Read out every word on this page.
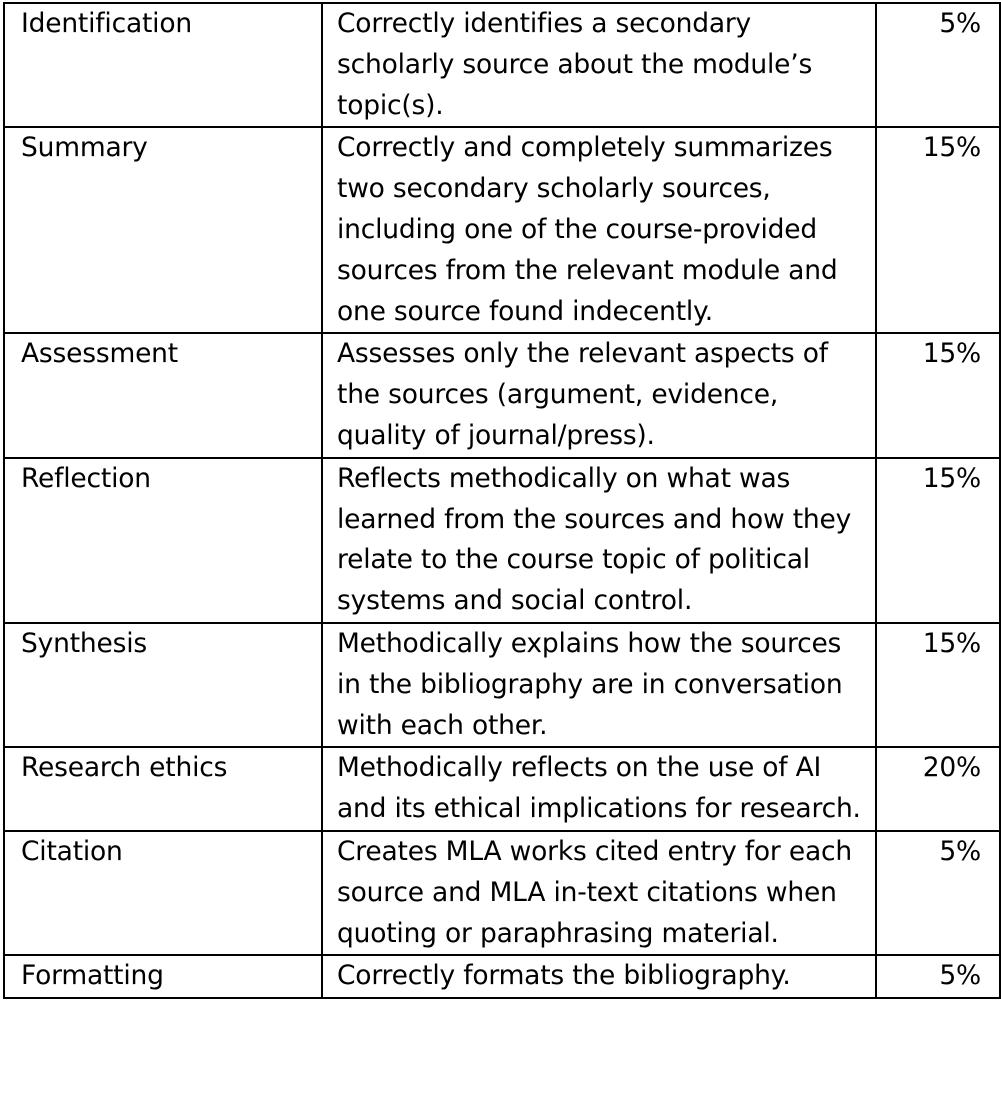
Identification	Correctly identifies a secondary scholarly source about the module’s topic(s).	5%
Summary	Correctly and completely summarizes two secondary scholarly sources, including one of the course-provided sources from the relevant module and one source found indecently.	15%
Assessment	Assesses only the relevant aspects of the sources (argument, evidence, quality of journal/press).	15%
Reflection	Reflects methodically on what was learned from the sources and how they relate to the course topic of political systems and social control.	15%
Synthesis	Methodically explains how the sources in the bibliography are in conversation with each other.	15%
Research ethics	Methodically reflects on the use of AI and its ethical implications for research.	20%
Citation	Creates MLA works cited entry for each source and MLA in-text citations when quoting or paraphrasing material.	5%
Formatting	Correctly formats the bibliography.	5%
